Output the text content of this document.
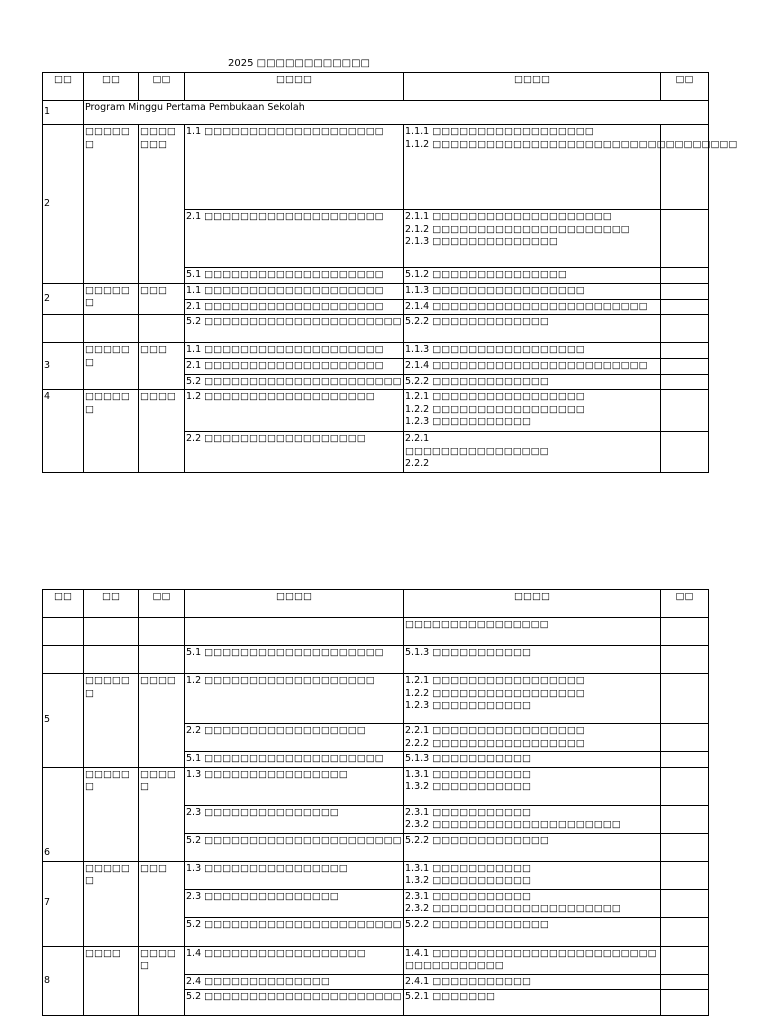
2025 □□□□□□□□□□□□
□□	□□	□□	□□□□	□□□□	□□
1	Program Minggu Pertama Pembukaan Sekolah				
2	□□□□□□	□□□□□□□	1.1 □□□□□□□□□□□□□□□□□□□□	1.1.1 □□□□□□□□□□□□□□□□□□
1.1.2 □□□□□□□□□□□□□□□□□□□□□□□□□□□□□□□□□□	

			2.1 □□□□□□□□□□□□□□□□□□□□	2.1.1 □□□□□□□□□□□□□□□□□□□□
2.1.2 □□□□□□□□□□□□□□□□□□□□□□
2.1.3 □□□□□□□□□□□□□□	

			5.1 □□□□□□□□□□□□□□□□□□□□	5.1.2 □□□□□□□□□□□□□□□	
2	□□□□□□	□□□	1.1 □□□□□□□□□□□□□□□□□□□□	1.1.3 □□□□□□□□□□□□□□□□□	
			2.1 □□□□□□□□□□□□□□□□□□□□	2.1.4 □□□□□□□□□□□□□□□□□□□□□□□□	
			5.2 □□□□□□□□□□□□□□□□□□□□□□	5.2.2 □□□□□□□□□□□□□	
3	□□□□□□	□□□	1.1 □□□□□□□□□□□□□□□□□□□□	1.1.3 □□□□□□□□□□□□□□□□□	
			2.1 □□□□□□□□□□□□□□□□□□□□	2.1.4 □□□□□□□□□□□□□□□□□□□□□□□□	
			5.2 □□□□□□□□□□□□□□□□□□□□□□	5.2.2 □□□□□□□□□□□□□	
4	□□□□□□	□□□□	1.2 □□□□□□□□□□□□□□□□□□□	1.2.1 □□□□□□□□□□□□□□□□□
1.2.2 □□□□□□□□□□□□□□□□□
1.2.3 □□□□□□□□□□□	

			2.2 □□□□□□□□□□□□□□□□□□	2.2.1
□□□□□□□□□□□□□□□□
2.2.2	

□□	□□	□□	□□□□	□□□□	□□
				□□□□□□□□□□□□□□□□	
			5.1 □□□□□□□□□□□□□□□□□□□□	5.1.3 □□□□□□□□□□□	
5	□□□□□□	□□□□	1.2 □□□□□□□□□□□□□□□□□□□	1.2.1 □□□□□□□□□□□□□□□□□
1.2.2 □□□□□□□□□□□□□□□□□
1.2.3 □□□□□□□□□□□	

			2.2 □□□□□□□□□□□□□□□□□□	2.2.1 □□□□□□□□□□□□□□□□□
2.2.2 □□□□□□□□□□□□□□□□□	

			5.1 □□□□□□□□□□□□□□□□□□□□	5.1.3 □□□□□□□□□□□	
6	□□□□□□	□□□□□	1.3 □□□□□□□□□□□□□□□□	1.3.1 □□□□□□□□□□□
1.3.2 □□□□□□□□□□□	

			2.3 □□□□□□□□□□□□□□□	2.3.1 □□□□□□□□□□□
2.3.2 □□□□□□□□□□□□□□□□□□□□□	

			5.2 □□□□□□□□□□□□□□□□□□□□□□	5.2.2 □□□□□□□□□□□□□	
7	□□□□□□	□□□	1.3 □□□□□□□□□□□□□□□□	1.3.1 □□□□□□□□□□□
1.3.2 □□□□□□□□□□□	

			2.3 □□□□□□□□□□□□□□□	2.3.1 □□□□□□□□□□□
2.3.2 □□□□□□□□□□□□□□□□□□□□□	

			5.2 □□□□□□□□□□□□□□□□□□□□□□	5.2.2 □□□□□□□□□□□□□	
8	□□□□	□□□□□	1.4 □□□□□□□□□□□□□□□□□□	1.4.1 □□□□□□□□□□□□□□□□□□□□□□□□□□□□□□□□□□□□	
			2.4 □□□□□□□□□□□□□□	2.4.1 □□□□□□□□□□□	
			5.2 □□□□□□□□□□□□□□□□□□□□□□	5.2.1 □□□□□□□	
